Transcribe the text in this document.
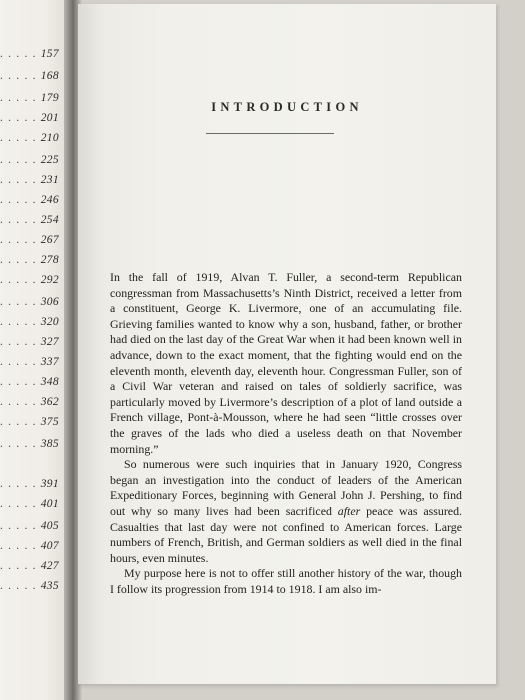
. . . . . 157
. . . . . 168
. . . . . 179
. . . . . 201
. . . . . 210
. . . . . 225
. . . . . 231
. . . . . 246
. . . . . 254
. . . . . 267
. . . . . 278
. . . . . 292
. . . . . 306
. . . . . 320
. . . . . 327
. . . . . 337
. . . . . 348
. . . . . 362
. . . . . 375
. . . . . 385
. . . . . 391
. . . . . 401
. . . . . 405
. . . . . 407
. . . . . 427
. . . . . 435
INTRODUCTION

In the fall of 1919, Alvan T. Fuller, a second-term Republican congressman from Massachusetts’s Ninth District, received a letter from a constituent, George K. Livermore, one of an accumulating file. Grieving families wanted to know why a son, husband, father, or brother had died on the last day of the Great War when it had been known well in advance, down to the exact moment, that the fighting would end on the eleventh month, eleventh day, eleventh hour. Congressman Fuller, son of a Civil War veteran and raised on tales of soldierly sacrifice, was particularly moved by Livermore’s description of a plot of land outside a French village, Pont-à-Mousson, where he had seen “little crosses over the graves of the lads who died a useless death on that November morning.”

So numerous were such inquiries that in January 1920, Congress began an investigation into the conduct of leaders of the American Expeditionary Forces, beginning with General John J. Pershing, to find out why so many lives had been sacrificed after peace was assured. Casualties that last day were not confined to American forces. Large numbers of French, British, and German soldiers as well died in the final hours, even minutes.

My purpose here is not to offer still another history of the war, though I follow its progression from 1914 to 1918. I am also im-
